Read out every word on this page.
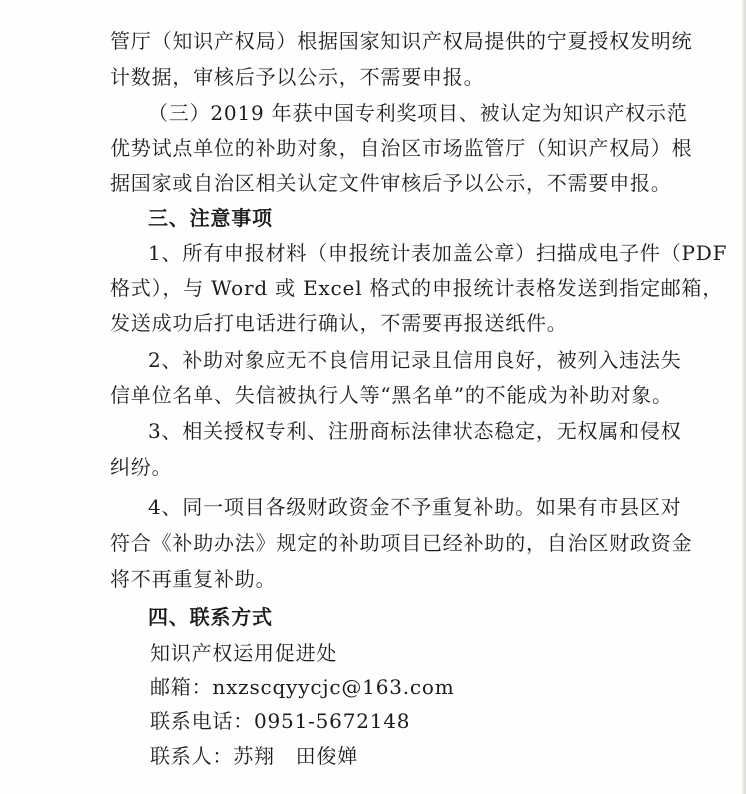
管厅（知识产权局）根据国家知识产权局提供的宁夏授权发明统
计数据，审核后予以公示，不需要申报。
（三）2019 年获中国专利奖项目、被认定为知识产权示范
优势试点单位的补助对象，自治区市场监管厅（知识产权局）根
据国家或自治区相关认定文件审核后予以公示，不需要申报。
三、注意事项
1、所有申报材料（申报统计表加盖公章）扫描成电子件（PDF
格式），与 Word 或 Excel 格式的申报统计表格发送到指定邮箱，
发送成功后打电话进行确认，不需要再报送纸件。
2、补助对象应无不良信用记录且信用良好，被列入违法失
信单位名单、失信被执行人等“黑名单”的不能成为补助对象。
3、相关授权专利、注册商标法律状态稳定，无权属和侵权
纠纷。
4、同一项目各级财政资金不予重复补助。如果有市县区对
符合《补助办法》规定的补助项目已经补助的，自治区财政资金
将不再重复补助。
四、联系方式
知识产权运用促进处
邮箱：nxzscqyycjc@163.com
联系电话：0951-5672148
联系人：苏翔　田俊婵
